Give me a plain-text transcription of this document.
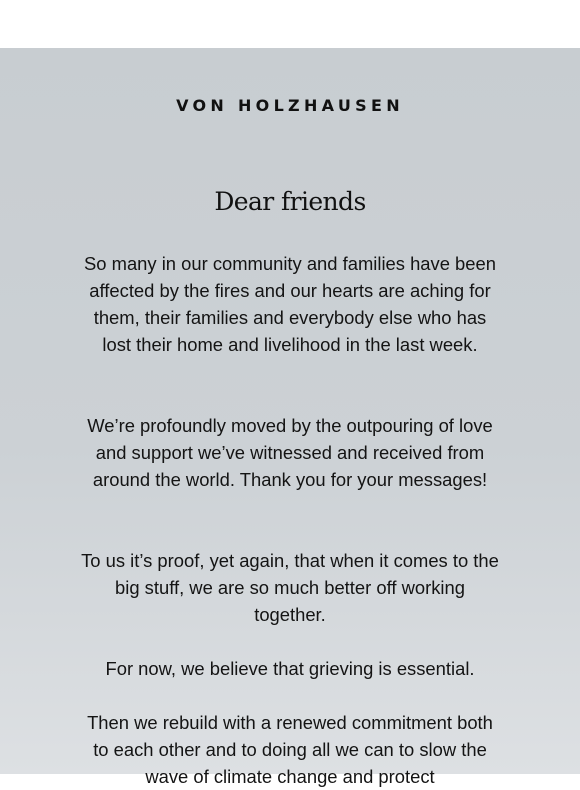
VON HOLZHAUSEN
Dear friends

So many in our community and families have been affected by the fires and our hearts are aching for them, their families and everybody else who has lost their home and livelihood in the last week.

We’re profoundly moved by the outpouring of love and support we’ve witnessed and received from around the world. Thank you for your messages!

To us it’s proof, yet again, that when it comes to the big stuff, we are so much better off working together.

For now, we believe that grieving is essential.

Then we rebuild with a renewed commitment both to each other and to doing all we can to slow the wave of climate change and protect
